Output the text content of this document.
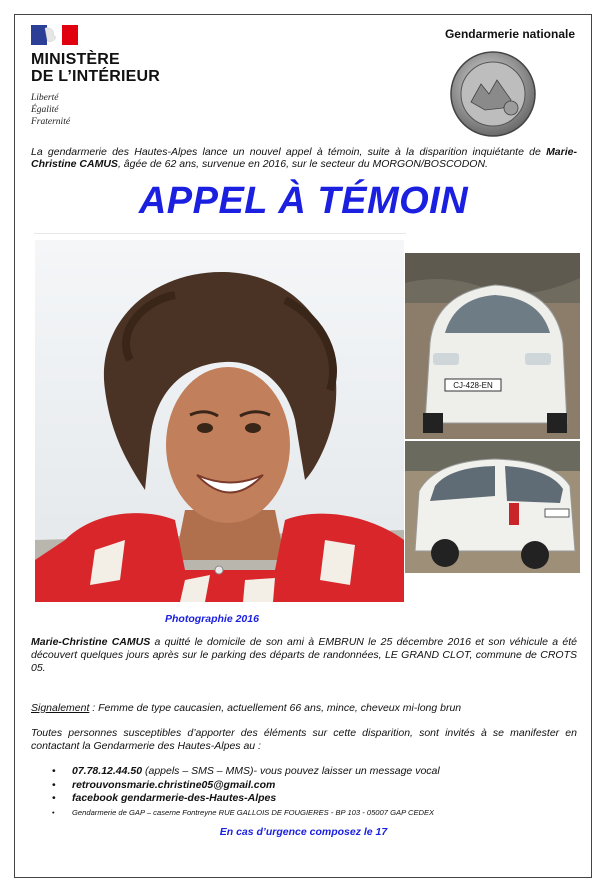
MINISTÈRE
DE L’INTÉRIEUR
Liberté
Égalité
Fraternité
Gendarmerie nationale
La gendarmerie des Hautes-Alpes lance un nouvel appel à témoin, suite à la disparition inquiétante de Marie-Christine CAMUS, âgée de 62 ans, survenue en 2016, sur le secteur du MORGON/BOSCODON.
APPEL À TÉMOIN
CJ-428-EN
Photographie 2016
Marie-Christine CAMUS a quitté le domicile de son ami à EMBRUN le 25 décembre 2016 et son véhicule a été découvert quelques jours après sur le parking des départs de randonnées, LE GRAND CLOT, commune de CROTS 05.
Signalement : Femme de type caucasien, actuellement 66 ans, mince, cheveux mi-long brun
Toutes personnes susceptibles d’apporter des éléments sur cette disparition, sont invités à se manifester en contactant la Gendarmerie des Hautes-Alpes au :
• 07.78.12.44.50 (appels – SMS – MMS)- vous pouvez laisser un message vocal
• retrouvonsmarie.christine05@gmail.com
• facebook gendarmerie-des-Hautes-Alpes
• Gendarmerie de GAP – caserne Fontreyne RUE GALLOIS DE FOUGIERES - BP 103 - 05007 GAP CEDEX
En cas d’urgence composez le 17
